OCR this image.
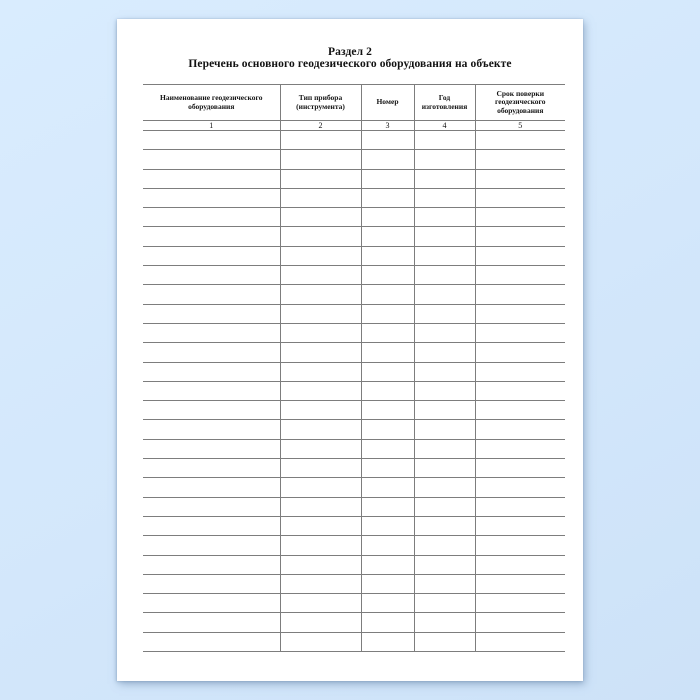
Раздел 2
Перечень основного геодезического оборудования на объекте
Наименование геодезического оборудования	Тип прибора (инструмента)	Номер	Год изготовления	Срок поверки геодезического оборудования
1	2	3	4	5
